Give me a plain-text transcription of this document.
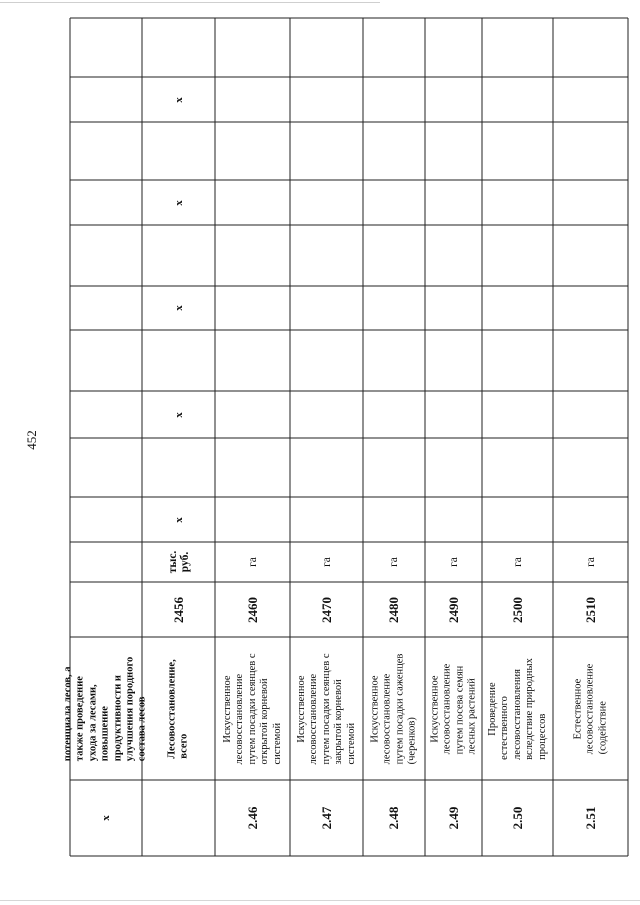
452
x
потенциала лесов, а также проведение ухода за лесами, повышение продуктивности и улучшения породного состава лесов Лесовосстановление, всего
2456
тыс. руб.
x
x
x
x
x
2.46
Искусственное лесовосстановление путем посадки сеянцев с открытой корневой системой
2460
га
2.47
Искусственное лесовосстановление путем посадки сеянцев с закрытой корневой системой
2470
га
2.48
Искусственное лесовосстановление путем посадки саженцев (черенков)
2480
га
2.49
Искусственное лесовосстановление путем посева семян лесных растений
2490
га
2.50
Проведение естественного лесовосстановления вследствие природных процессов
2500
га
2.51
Естественное лесовосстановление (содействие
2510
га
